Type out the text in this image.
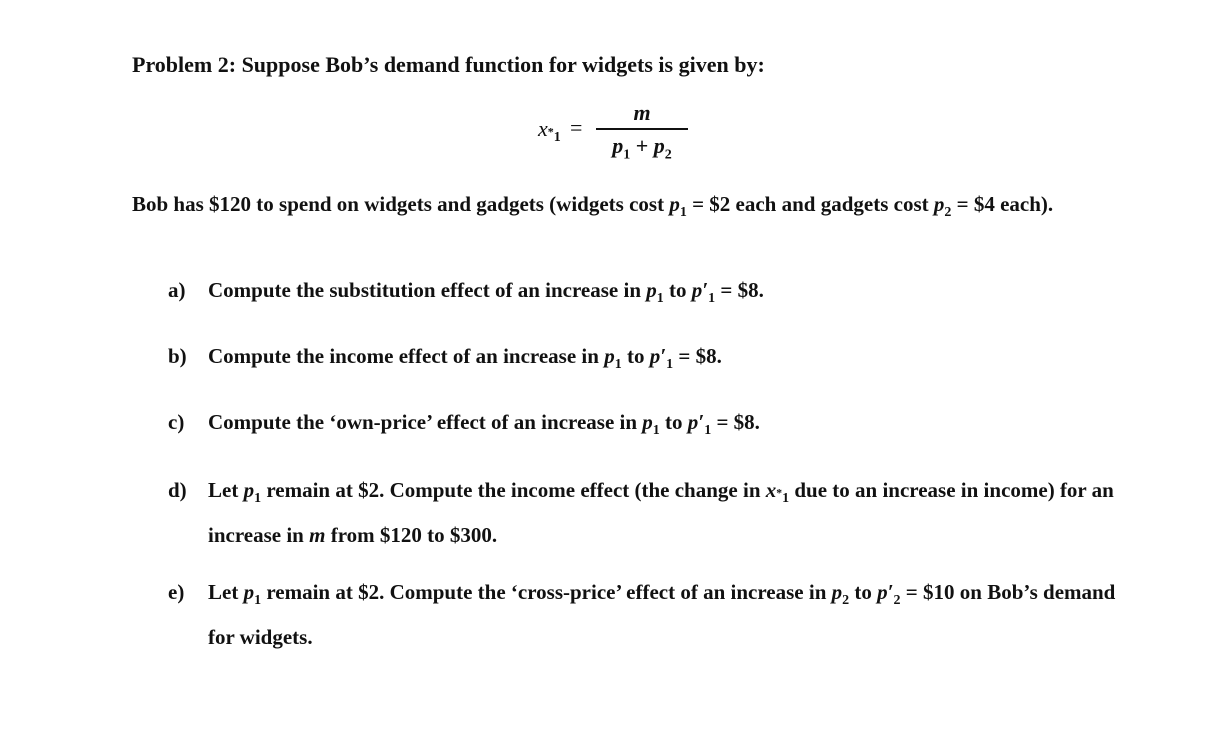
Problem 2: Suppose Bob’s demand function for widgets is given by:
$x_{^*1}$ =
m
$p_1 + p_2$
Bob has $120 to spend on widgets and gadgets (widgets cost $p_1$ = $2 each and gadgets cost $p_2$ = $4 each).
a) Compute the substitution effect of an increase in $p_1$ to $p'_1$ = $8.
b) Compute the income effect of an increase in $p_1$ to $p'_1$ = $8.
c) Compute the ‘own-price’ effect of an increase in $p_1$ to $p'_1$ = $8.
d) Let $p_1$ remain at $2. Compute the income effect (the change in $x_{^*1}$ due to an increase in income) for an increase in m from $120 to $300.
e) Let $p_1$ remain at $2. Compute the ‘cross-price’ effect of an increase in $p_2$ to $p'_2$ = $10 on Bob’s demand for widgets.
